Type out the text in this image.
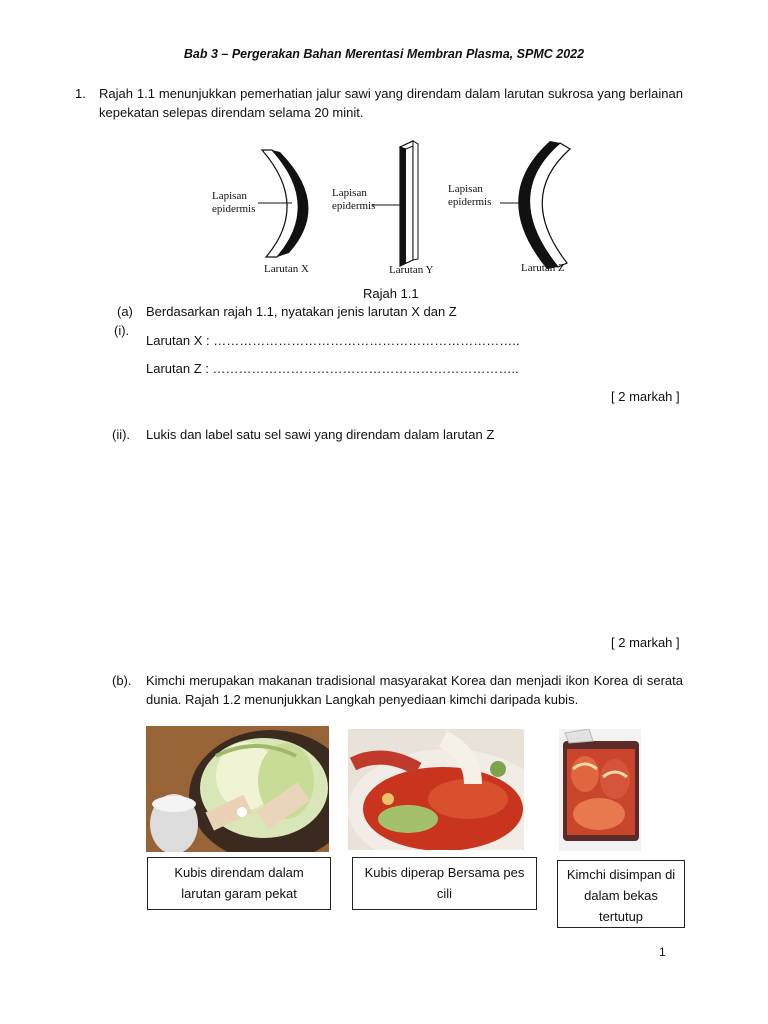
Bab 3 – Pergerakan Bahan Merentasi Membran Plasma, SPMC 2022
1. Rajah 1.1 menunjukkan pemerhatian jalur sawi yang direndam dalam larutan sukrosa yang berlainan kepekatan selepas direndam selama 20 minit.
Lapisan
epidermis
Lapisan
epidermis
Lapisan
epidermis
Larutan X	Larutan Y	Larutan Z
Rajah 1.1
(a)
(i).
Berdasarkan rajah 1.1, nyatakan jenis larutan X dan Z
Larutan X : ……………………………………………………………..
Larutan Z : ……………………………………………………………..
[ 2 markah ]
(ii). Lukis dan label satu sel sawi yang direndam dalam larutan Z
[ 2 markah ]
(b). Kimchi merupakan makanan tradisional masyarakat Korea dan menjadi ikon Korea di serata dunia. Rajah 1.2 menunjukkan Langkah penyediaan kimchi daripada kubis.
Kubis direndam dalam larutan garam pekat
Kubis diperap Bersama pes cili
Kimchi disimpan di dalam bekas tertutup
1
